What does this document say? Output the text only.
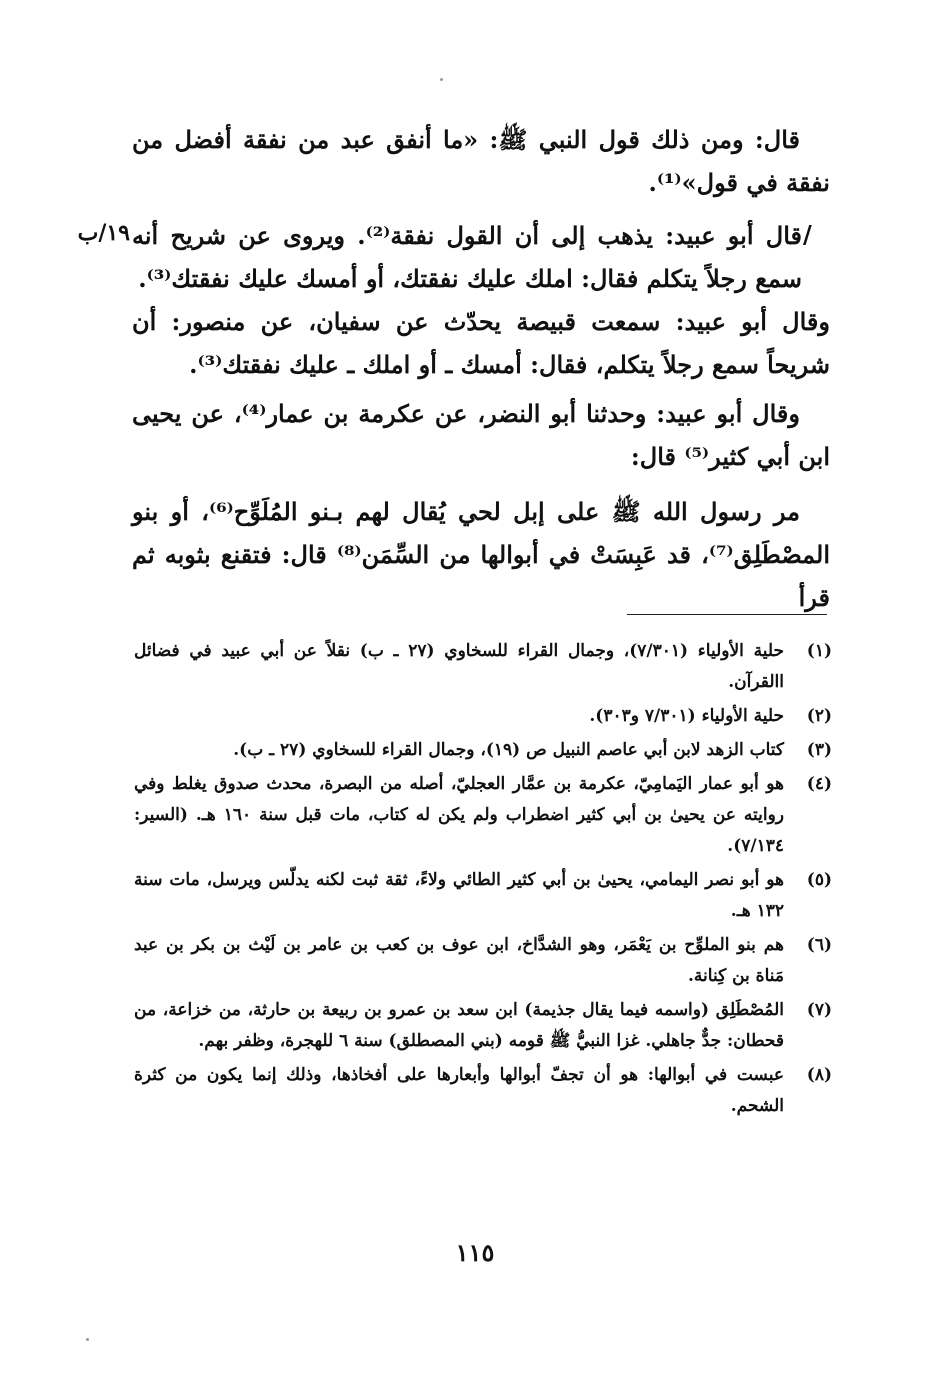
قال: ومن ذلك قول النبي ﷺ: «ما أنفق عبد من نفقة أفضل من نفقة في قول»⁽¹⁾.

/
١٩/ب قال أبو عبيد: يذهب إلى أن القول نفقة⁽²⁾. ويروى عن شريح أنه سمع رجلاً يتكلم فقال: املك عليك نفقتك، أو أمسك عليك نفقتك⁽³⁾.

وقال أبو عبيد: سمعت قبيصة يحدّث عن سفيان، عن منصور: أن شريحاً سمع رجلاً يتكلم، فقال: أمسك ـ أو املك ـ عليك نفقتك⁽³⁾.

وقال أبو عبيد: وحدثنا أبو النضر، عن عكرمة بن عمار⁽⁴⁾، عن يحيى ابن أبي كثير⁽⁵⁾ قال:

مر رسول الله ﷺ على إبل لحي يُقال لهم بـنو المُلَوِّح⁽⁶⁾، أو بنو المصْطَلِق⁽⁷⁾، قد عَبِسَتْ في أبوالها من السِّمَن⁽⁸⁾ قال: فتقنع بثوبه ثم قرأ

(١)
حلية الأولياء (٧/٣٠١)، وجمال القراء للسخاوي (٢٧ ـ ب) نقلاً عن أبي عبيد في فضائل االقرآن.
(٢)
حلية الأولياء (٧/٣٠١ و٣٠٣).
(٣)
كتاب الزهد لابن أبي عاصم النبيل ص (١٩)، وجمال القراء للسخاوي (٢٧ ـ ب).
(٤)
هو أبو عمار اليَمامِيّ، عكرمة بن عمَّار العجليّ، أصله من البصرة، محدث صدوق يغلط وفي روايته عن يحيىٰ بن أبي كثير اضطراب ولم يكن له كتاب، مات قبل سنة ١٦٠ هـ. (السير: ٧/١٣٤).
(٥)
هو أبو نصر اليمامي، يحيىٰ بن أبي كثير الطائي ولاءً، ثقة ثبت لكنه يدلّس ويرسل، مات سنة ١٣٢ هـ.
(٦)
هم بنو الملوِّح بن يَعْمَر، وهو الشدَّاخ، ابن عوف بن كعب بن عامر بن لَيْث بن بكر بن عبد مَناة بن كِنانة.
(٧)
المُصْطَلِق (واسمه فيما يقال جذيمة) ابن سعد بن عمرو بن ربيعة بن حارثة، من خزاعة، من قحطان: جدٌّ جاهلي. غزا النبيُّ ﷺ قومه (بني المصطلق) سنة ٦ للهجرة، وظفر بهم.
(٨)
عبست في أبوالها: هو أن تجفّ أبوالها وأبعارها على أفخاذها، وذلك إنما يكون من كثرة الشحم.
١١٥
